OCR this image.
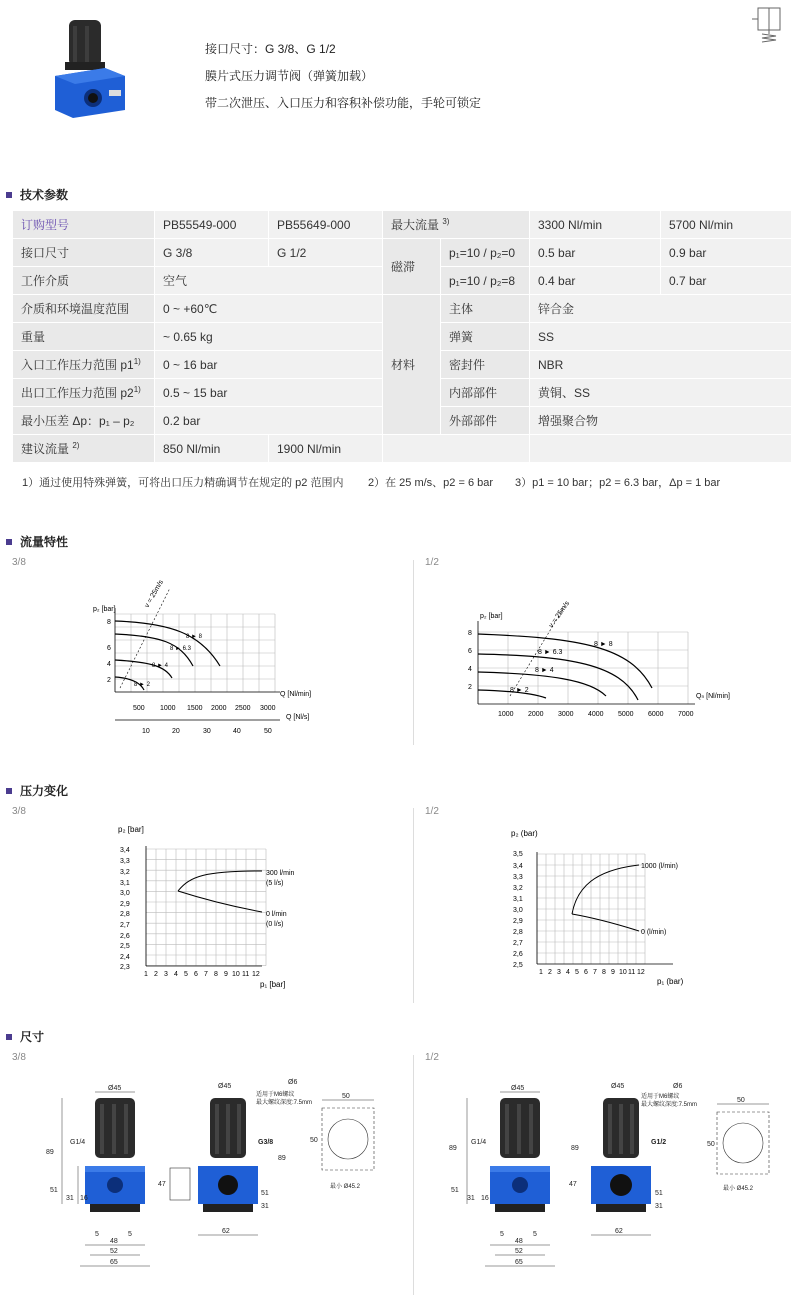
接口尺寸：G 3/8、G 1/2
膜片式压力调节阀（弹簧加载）
带二次泄压、入口压力和容积补偿功能，手轮可锁定
技术参数
订购型号	PB55549-000	PB55649-000	最大流量 $^{3)}$		3300 Nl/min	5700 Nl/min
接口尺寸	G 3/8	G 1/2	磁滞	p₁=10 / p₂=0	0.5 bar	0.9 bar
工作介质	空气			p₁=10 / p₂=8	0.4 bar	0.7 bar
介质和环境温度范围	0 ~ +60℃		材料	主体	锌合金	
重量	~ 0.65 kg			弹簧	SS	
入口工作压力范围 p1$^{1)}$	0 ~ 16 bar			密封件	NBR	
出口工作压力范围 p2$^{1)}$	0.5 ~ 15 bar			内部部件	黄铜、SS	
最小压差 Δp：p₁ – p₂	0.2 bar			外部部件	增强聚合物	
建议流量 $^{2)}$	850 Nl/min	1900 Nl/min				
1）通过使用特殊弹簧，可将出口压力精确调节在规定的 p2 范围内 2）在 25 m/s、p2 = 6 bar 3）p1 = 10 bar；p2 = 6.3 bar，Δp = 1 bar
流量特性
3/8	1/2
p₂ [bar]
v = 25m/s
8
6
4
2
8 ► 8
8 ► 6.3
8 ► 4
8 ► 2
500 1000 1500 2000 2500 3000
Q [Nl/min]
Q [Nl/s]
10	20	30	40	50
p₂ [bar]	v = 25m/s
8
6
4
2
8 ► 8
8 ► 6.3
8 ► 4
8 ► 2
Qₙ [Nl/min]
1000 2000 3000 4000 5000 6000 7000
压力变化
3/8	1/2
p₂ [bar]
3,4
3,3
3,2
3,1
3,0
2,9
2,8
2,7
2,6
2,5
2,4
2,3
1 2 3 4 5 6 7 8 9 10 11 12
p₁ [bar]
300 l/min
(5 l/s)
0 l/min
(0 l/s)
p₂ (bar)
3,5
3,4
3,3
3,2
3,1
3,0
2,9
2,8
2,7
2,6
2,5
1 2 3 4 5 6 7 8 9 10 11 12
p₁ (bar)
1000 (l/min)
0 (l/min)
尺寸
3/8	1/2
Ø45	Ø45
Ø6
适用于M6螺纹
最大螺纹深度:7.5mm
89
G1/4	G3/8
89
51
31 16
47
51
31
50
50
最小 Ø45.2
5	5
48
52
65
62
Ø45	Ø45	Ø6
适用于M6螺纹
最大螺纹深度:7.5mm
89
G1/4	G1/2
89
51
31 16
47
51
31
50
50
最小 Ø45.2
5	5
48
52
65
62
